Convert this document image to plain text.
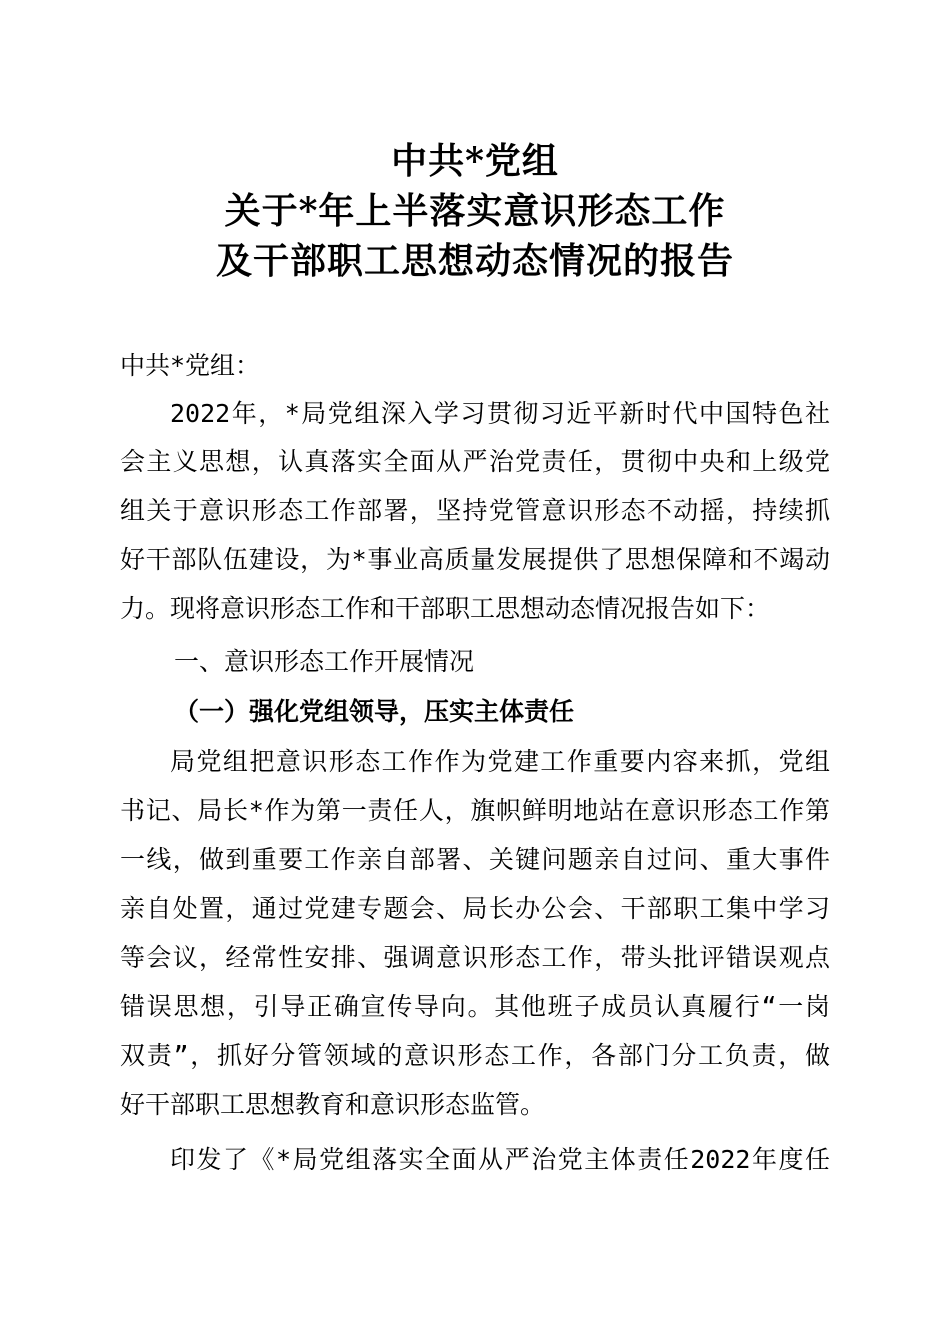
中共*党组
关于*年上半落实意识形态工作
及干部职工思想动态情况的报告
中共*党组：
2022年，*局党组深入学习贯彻习近平新时代中国特色社
会主义思想，认真落实全面从严治党责任，贯彻中央和上级党
组关于意识形态工作部署，坚持党管意识形态不动摇，持续抓
好干部队伍建设，为*事业高质量发展提供了思想保障和不竭动
力。现将意识形态工作和干部职工思想动态情况报告如下：
一、意识形态工作开展情况
（一）强化党组领导，压实主体责任
局党组把意识形态工作作为党建工作重要内容来抓，党组
书记、局长*作为第一责任人，旗帜鲜明地站在意识形态工作第
一线，做到重要工作亲自部署、关键问题亲自过问、重大事件
亲自处置，通过党建专题会、局长办公会、干部职工集中学习
等会议，经常性安排、强调意识形态工作，带头批评错误观点
错误思想，引导正确宣传导向。其他班子成员认真履行“一岗
双责”，抓好分管领域的意识形态工作，各部门分工负责，做
好干部职工思想教育和意识形态监管。
印发了《*局党组落实全面从严治党主体责任2022年度任
